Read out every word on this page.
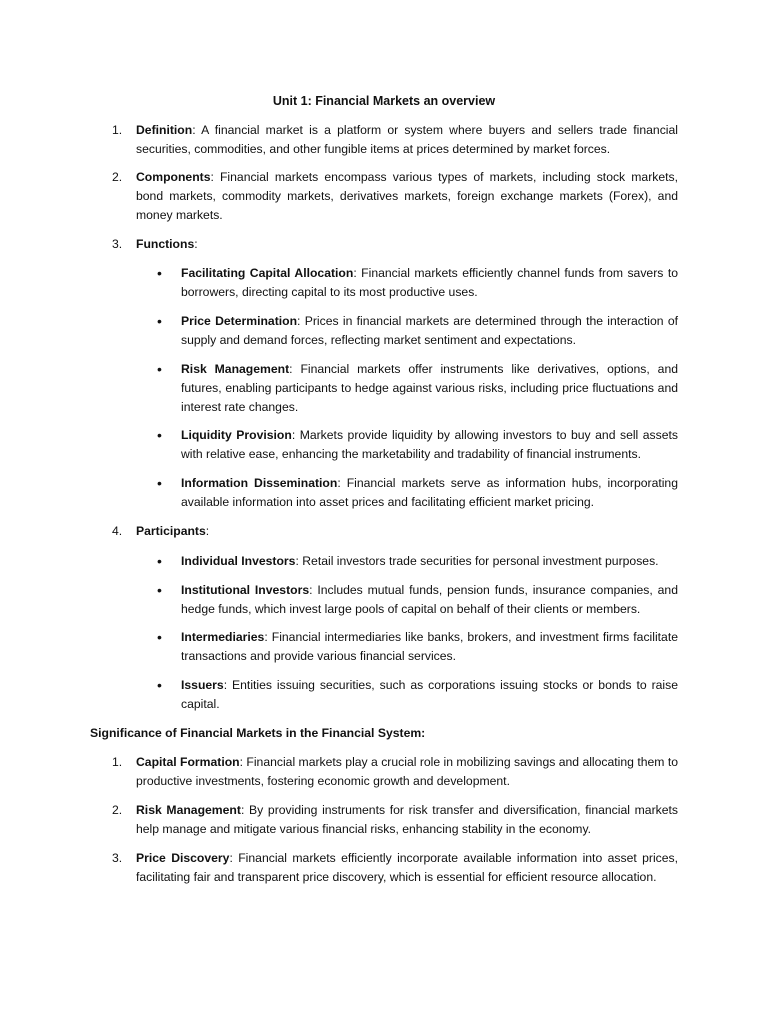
Unit 1: Financial Markets an overview
1.	Definition: A financial market is a platform or system where buyers and sellers trade financial securities, commodities, and other fungible items at prices determined by market forces.
2.	Components: Financial markets encompass various types of markets, including stock markets, bond markets, commodity markets, derivatives markets, foreign exchange markets (Forex), and money markets.
3.	Functions:
•	Facilitating Capital Allocation: Financial markets efficiently channel funds from savers to borrowers, directing capital to its most productive uses.
•	Price Determination: Prices in financial markets are determined through the interaction of supply and demand forces, reflecting market sentiment and expectations.
•	Risk Management: Financial markets offer instruments like derivatives, options, and futures, enabling participants to hedge against various risks, including price fluctuations and interest rate changes.
•	Liquidity Provision: Markets provide liquidity by allowing investors to buy and sell assets with relative ease, enhancing the marketability and tradability of financial instruments.
•	Information Dissemination: Financial markets serve as information hubs, incorporating available information into asset prices and facilitating efficient market pricing.
4.	Participants:
•	Individual Investors: Retail investors trade securities for personal investment purposes.
•	Institutional Investors: Includes mutual funds, pension funds, insurance companies, and hedge funds, which invest large pools of capital on behalf of their clients or members.
•	Intermediaries: Financial intermediaries like banks, brokers, and investment firms facilitate transactions and provide various financial services.
•	Issuers: Entities issuing securities, such as corporations issuing stocks or bonds to raise capital.
Significance of Financial Markets in the Financial System:
1.	Capital Formation: Financial markets play a crucial role in mobilizing savings and allocating them to productive investments, fostering economic growth and development.
2.	Risk Management: By providing instruments for risk transfer and diversification, financial markets help manage and mitigate various financial risks, enhancing stability in the economy.
3.	Price Discovery: Financial markets efficiently incorporate available information into asset prices, facilitating fair and transparent price discovery, which is essential for efficient resource allocation.
